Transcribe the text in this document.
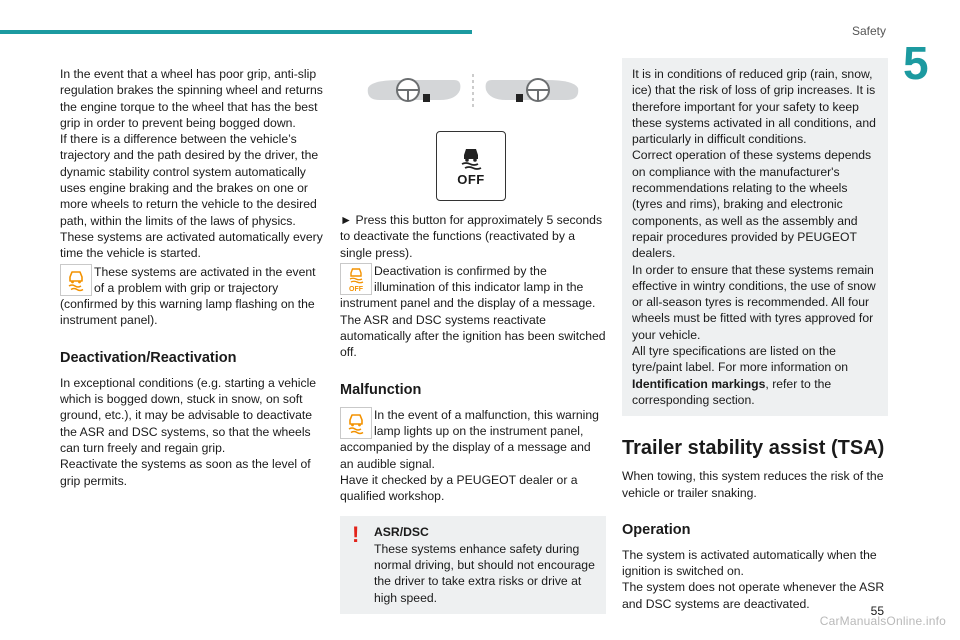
Safety
5

In the event that a wheel has poor grip, anti-slip regulation brakes the spinning wheel and returns the engine torque to the wheel that has the best grip in order to prevent being bogged down.

If there is a difference between the vehicle’s trajectory and the path desired by the driver, the dynamic stability control system automatically uses engine braking and the brakes on one or more wheels to return the vehicle to the desired path, within the limits of the laws of physics.

These systems are activated automatically every time the vehicle is started.

These systems are activated in the event
of a problem with grip or trajectory
(confirmed by this warning lamp flashing on the instrument panel).
Deactivation/Reactivation

In exceptional conditions (e.g. starting a vehicle which is bogged down, stuck in snow, on soft ground, etc.), it may be advisable to deactivate the ASR and DSC systems, so that the wheels can turn freely and regain grip.

Reactivate the systems as soon as the level of grip permits.

OFF

► Press this button for approximately 5 seconds to deactivate the functions (reactivated by a single press).

OFF
Deactivation is confirmed by the
illumination of this indicator lamp in the
instrument panel and the display of a message.

The ASR and DSC systems reactivate automatically after the ignition has been switched off.

Malfunction
In the event of a malfunction, this warning
lamp lights up on the instrument panel,
accompanied by the display of a message and an audible signal.

Have it checked by a PEUGEOT dealer or a qualified workshop.

! ASR/DSC

These systems enhance safety during normal driving, but should not encourage the driver to take extra risks or drive at high speed.

It is in conditions of reduced grip (rain, snow, ice) that the risk of loss of grip increases. It is therefore important for your safety to keep these systems activated in all conditions, and particularly in difficult conditions.

Correct operation of these systems depends on compliance with the manufacturer's recommendations relating to the wheels (tyres and rims), braking and electronic components, as well as the assembly and repair procedures provided by PEUGEOT dealers.

In order to ensure that these systems remain effective in wintry conditions, the use of snow or all-season tyres is recommended. All four wheels must be fitted with tyres approved for your vehicle.

All tyre specifications are listed on the tyre/paint label. For more information on Identification markings, refer to the corresponding section.

Trailer stability assist (TSA)

When towing, this system reduces the risk of the vehicle or trailer snaking.

Operation

The system is activated automatically when the ignition is switched on.

The system does not operate whenever the ASR and DSC systems are deactivated.

55
CarManualsOnline.info
